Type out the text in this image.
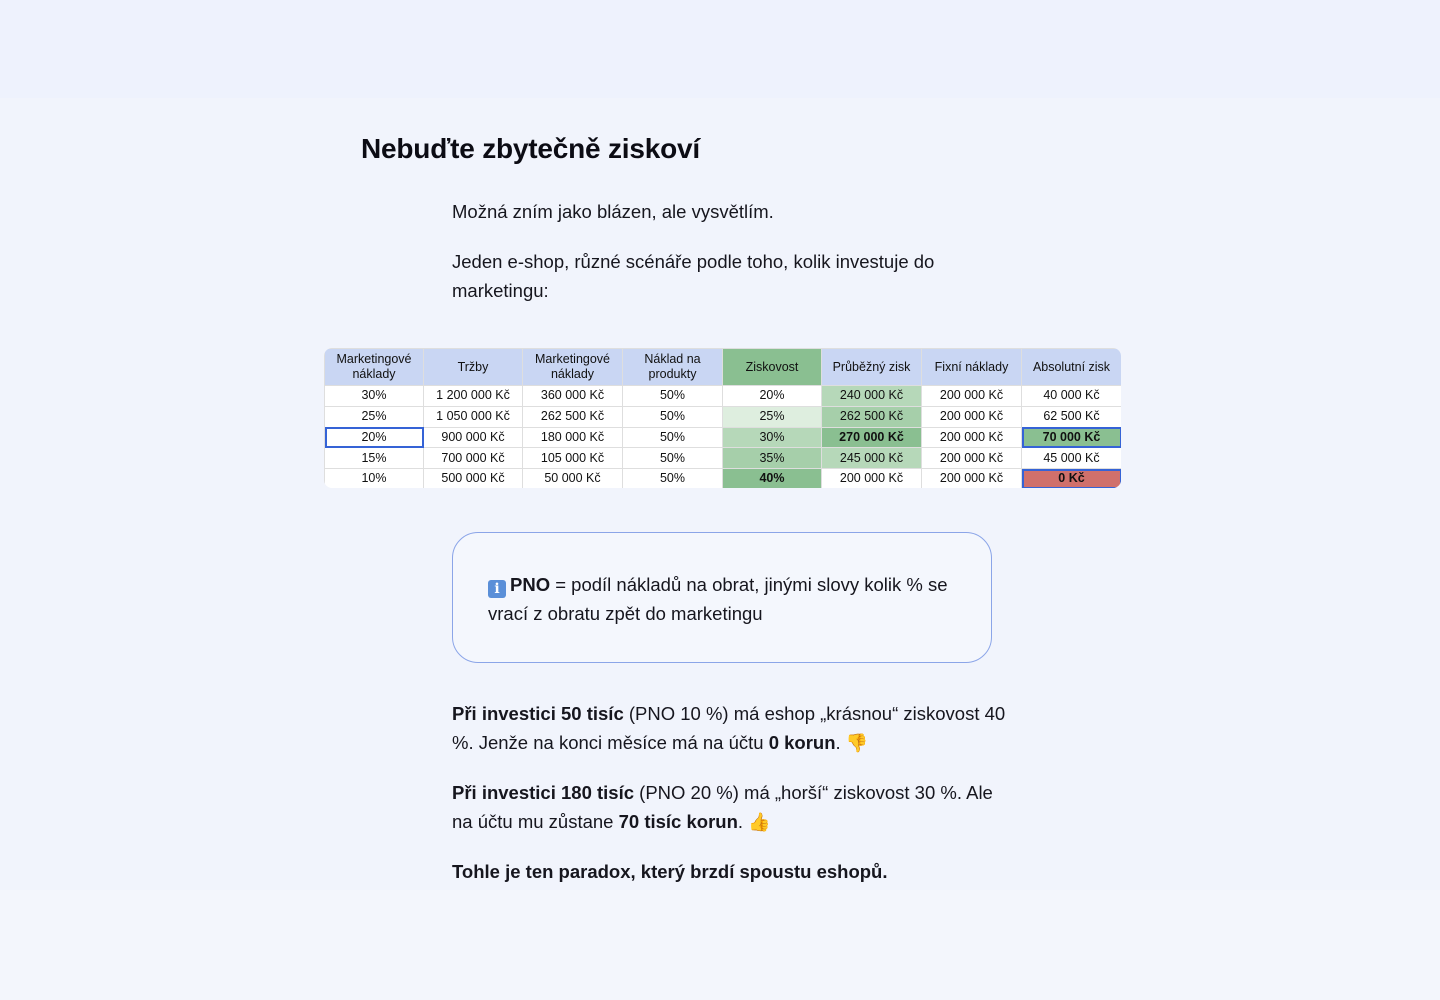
Nebuďte zbytečně ziskoví

Možná zním jako blázen, ale vysvětlím.

Jeden e-shop, různé scénáře podle toho, kolik investuje do marketingu:

Marketingové náklady	Tržby	Marketingové náklady	Náklad na produkty	Ziskovost	Průběžný zisk	Fixní náklady	Absolutní zisk
30%	1 200 000 Kč	360 000 Kč	50%	20%	240 000 Kč	200 000 Kč	40 000 Kč
25%	1 050 000 Kč	262 500 Kč	50%	25%	262 500 Kč	200 000 Kč	62 500 Kč
20%	900 000 Kč	180 000 Kč	50%	30%	270 000 Kč	200 000 Kč	70 000 Kč
15%	700 000 Kč	105 000 Kč	50%	35%	245 000 Kč	200 000 Kč	45 000 Kč
10%	500 000 Kč	50 000 Kč	50%	40%	200 000 Kč	200 000 Kč	0 Kč

i PNO = podíl nákladů na obrat, jinými slovy kolik % se vrací z obratu zpět do marketingu

Při investici 50 tisíc (PNO 10 %) má eshop „krásnou“ ziskovost 40 %. Jenže na konci měsíce má na účtu 0 korun. 👎

Při investici 180 tisíc (PNO 20 %) má „horší“ ziskovost 30 %. Ale na účtu mu zůstane 70 tisíc korun. 👍

Tohle je ten paradox, který brzdí spoustu eshopů.
